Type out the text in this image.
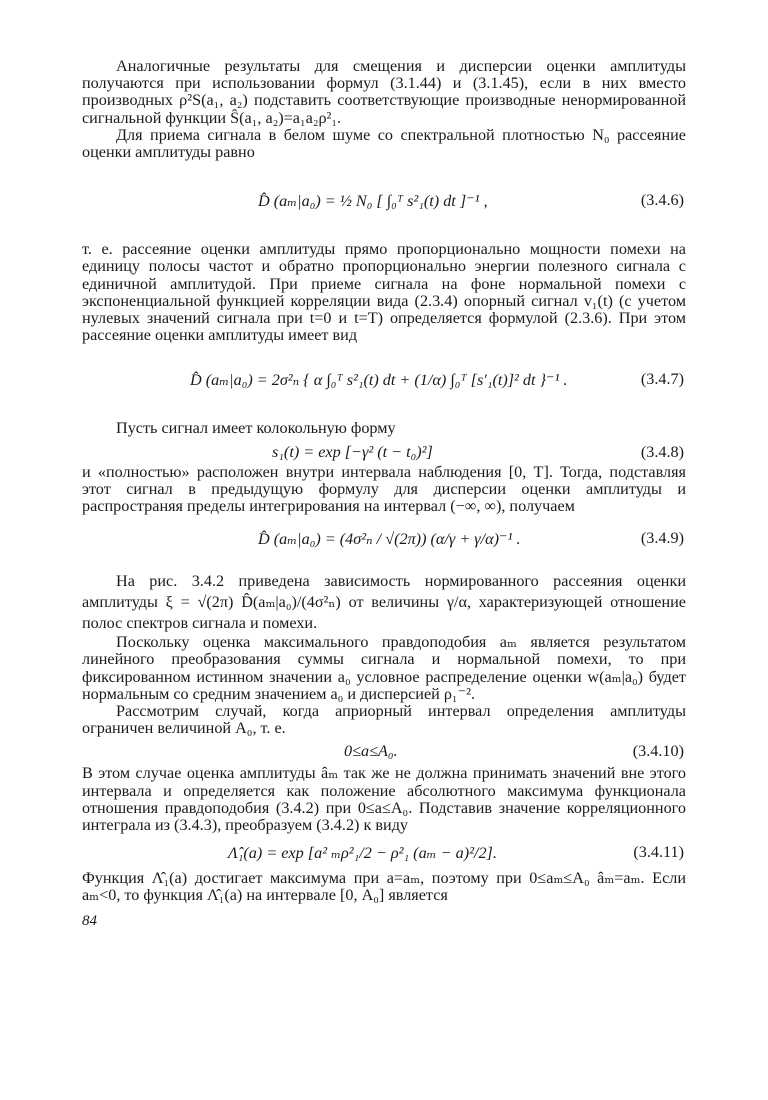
Аналогичные результаты для смещения и дисперсии оценки амплитуды получаются при использовании формул (3.1.44) и (3.1.45), если в них вместо производных ρ²S(a₁, a₂) подставить соответствующие производные ненормированной сигнальной функции Ŝ(a₁, a₂)=a₁a₂ρ²₁.

Для приема сигнала в белом шуме со спектральной плотностью N₀ рассеяние оценки амплитуды равно

D̂ (aₘ|a₀) = ½ N₀ [ ∫₀ᵀ s²₁(t) dt ]⁻¹ ,	(3.4.6)

т. е. рассеяние оценки амплитуды прямо пропорционально мощности помехи на единицу полосы частот и обратно пропорционально энергии полезного сигнала с единичной амплитудой. При приеме сигнала на фоне нормальной помехи с экспоненциальной функцией корреляции вида (2.3.4) опорный сигнал v₁(t) (с учетом нулевых значений сигнала при t=0 и t=T) определяется формулой (2.3.6). При этом рассеяние оценки амплитуды имеет вид

D̂ (aₘ|a₀) = 2σ²ₙ { α ∫₀ᵀ s²₁(t) dt + (1/α) ∫₀ᵀ [s′₁(t)]² dt }⁻¹ .	(3.4.7)

Пусть сигнал имеет колокольную форму

s₁(t) = exp [−γ² (t − t₀)²]	(3.4.8)

и «полностью» расположен внутри интервала наблюдения [0, T]. Тогда, подставляя этот сигнал в предыдущую формулу для дисперсии оценки амплитуды и распространяя пределы интегрирования на интервал (−∞, ∞), получаем

D̂ (aₘ|a₀) = (4σ²ₙ / √(2π)) (α/γ + γ/α)⁻¹ .	(3.4.9)

На рис. 3.4.2 приведена зависимость нормированного рассеяния оценки амплитуды ξ = √(2π) D̂(aₘ|a₀)/(4σ²ₙ) от величины γ/α, характеризующей отношение полос спектров сигнала и помехи.

Поскольку оценка максимального правдоподобия aₘ является результатом линейного преобразования суммы сигнала и нормальной помехи, то при фиксированном истинном значении a₀ условное распределение оценки w(aₘ|a₀) будет нормальным со средним значением a₀ и дисперсией ρ₁⁻².

Рассмотрим случай, когда априорный интервал определения амплитуды ограничен величиной A₀, т. е.

0≤a≤A₀.	(3.4.10)

В этом случае оценка амплитуды âₘ так же не должна принимать значений вне этого интервала и определяется как положение абсолютного максимума функционала отношения правдоподобия (3.4.2) при 0≤a≤A₀. Подставив значение корреляционного интеграла из (3.4.3), преобразуем (3.4.2) к виду

Λ̂₁(a) = exp [a² ₘρ²₁/2 − ρ²₁ (aₘ − a)²/2].	(3.4.11)

Функция Λ̂₁(a) достигает максимума при a=aₘ, поэтому при 0≤aₘ≤A₀ âₘ=aₘ. Если aₘ<0, то функция Λ̂₁(a) на интервале [0, A₀] является

84
